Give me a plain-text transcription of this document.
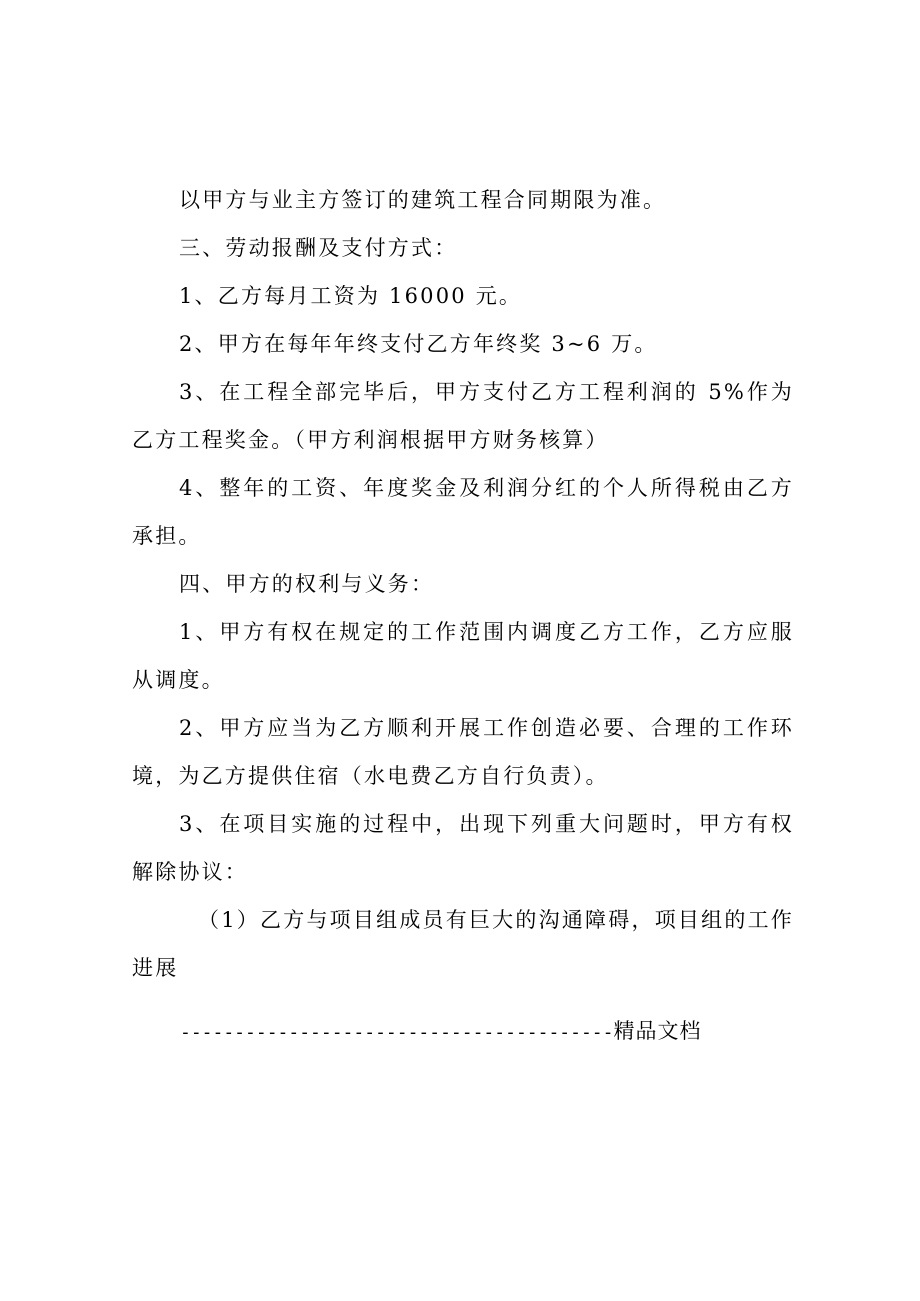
以甲方与业主方签订的建筑工程合同期限为准。

三、劳动报酬及支付方式：

1、乙方每月工资为 16000 元。

2、甲方在每年年终支付乙方年终奖 3~6 万。

3、在工程全部完毕后，甲方支付乙方工程利润的 5%作为乙方工程奖金。（甲方利润根据甲方财务核算）

4、整年的工资、年度奖金及利润分红的个人所得税由乙方承担。

四、甲方的权利与义务：

1、甲方有权在规定的工作范围内调度乙方工作，乙方应服从调度。

2、甲方应当为乙方顺利开展工作创造必要、合理的工作环境，为乙方提供住宿（水电费乙方自行负责）。

3、在项目实施的过程中，出现下列重大问题时，甲方有权解除协议：

（1）乙方与项目组成员有巨大的沟通障碍，项目组的工作进展

----------------------------------------精品文档
